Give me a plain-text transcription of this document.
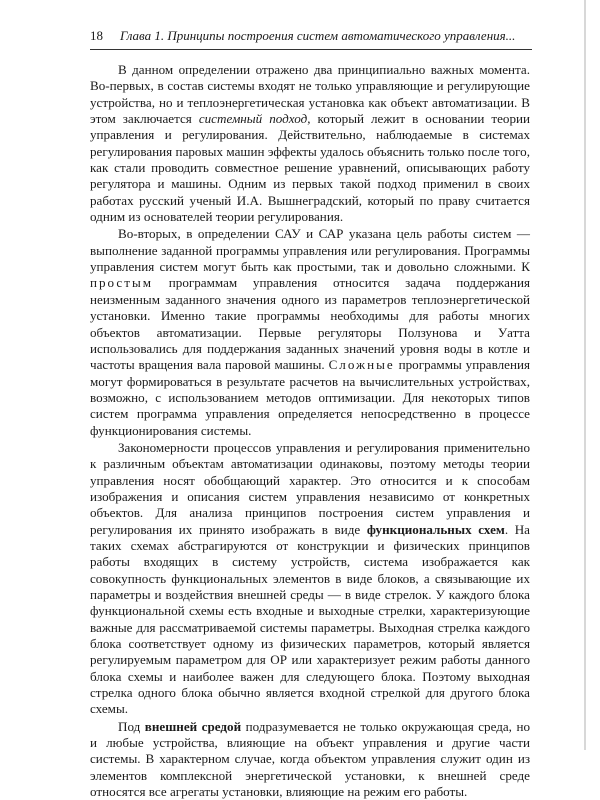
18 Глава 1. Принципы построения систем автоматического управления...

В данном определении отражено два принципиально важных момента. Во-первых, в состав системы входят не только управляющие и регулирующие устройства, но и теплоэнергетическая установка как объект автоматизации. В этом заключается системный подход, который лежит в основании теории управления и регулирования. Действительно, наблюдаемые в системах регулирования паровых машин эффекты удалось объяснить только после того, как стали проводить совместное решение уравнений, описывающих работу регулятора и машины. Одним из первых такой подход применил в своих работах русский ученый И.А. Вышнеградский, который по праву считается одним из основателей теории регулирования.

Во-вторых, в определении САУ и САР указана цель работы систем — выполнение заданной программы управления или регулирования. Программы управления систем могут быть как простыми, так и довольно сложными. К простым программам управления относится задача поддержания неизменным заданного значения одного из параметров теплоэнергетической установки. Именно такие программы необходимы для работы многих объектов автоматизации. Первые регуляторы Ползунова и Уатта использовались для поддержания заданных значений уровня воды в котле и частоты вращения вала паровой машины. Сложные программы управления могут формироваться в результате расчетов на вычислительных устройствах, возможно, с использованием методов оптимизации. Для некоторых типов систем программа управления определяется непосредственно в процессе функционирования системы.

Закономерности процессов управления и регулирования применительно к различным объектам автоматизации одинаковы, поэтому методы теории управления носят обобщающий характер. Это относится и к способам изображения и описания систем управления независимо от конкретных объектов. Для анализа принципов построения систем управления и регулирования их принято изображать в виде функциональных схем. На таких схемах абстрагируются от конструкции и физических принципов работы входящих в систему устройств, система изображается как совокупность функциональных элементов в виде блоков, а связывающие их параметры и воздействия внешней среды — в виде стрелок. У каждого блока функциональной схемы есть входные и выходные стрелки, характеризующие важные для рассматриваемой системы параметры. Выходная стрелка каждого блока соответствует одному из физических параметров, который является регулируемым параметром для ОР или характеризует режим работы данного блока схемы и наиболее важен для следующего блока. Поэтому выходная стрелка одного блока обычно является входной стрелкой для другого блока схемы.

Под внешней средой подразумевается не только окружающая среда, но и любые устройства, влияющие на объект управления и другие части системы. В характерном случае, когда объектом управления служит один из элементов комплексной энергетической установки, к внешней среде относятся все агрегаты установки, влияющие на режим его работы.
